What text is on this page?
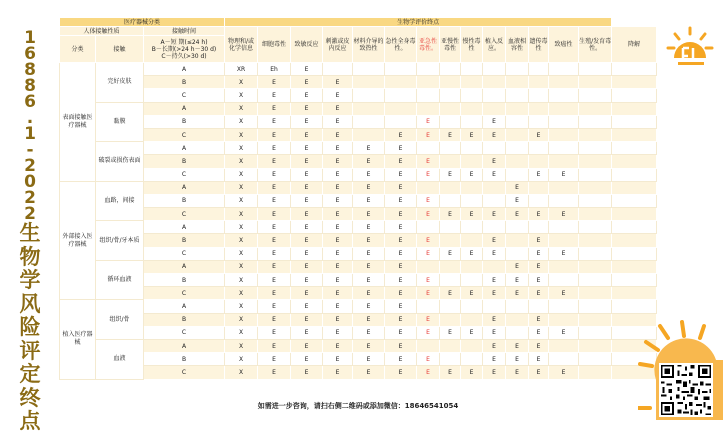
1
6
8
8
6
.
1
-
2
0
2
2
生
物
学
风
险
评
定
终
点
医疗器械分类			生物学评价终点														
人体接触性质		接触时间	物理和/或化学信息	细胞毒性	致敏反应	刺激或皮内反应	材料介导的致热性	急性全身毒性。	亚急性毒性。	亚慢性毒性	慢性毒性	植入反应。	血液相容性	遗传毒性	致癌性	生殖/发育毒性。	降解
分类	接触	A－短 期(≤24 h)
B－长期(>24 h－30 d)
C－持久(>30 d)															

表面接触医疗器械	完好皮肤	A	XR	Eh	E												
		B	X	E	E	E											
		C	X	E	E	E											
	黏膜	A	X	E	E	E											
		B	X	E	E	E			E			E					
		C	X	E	E	E		E	E	E	E	E		E			
	破裂或损伤表面	A	X	E	E	E	E	E									
		B	X	E	E	E	E	E	E			E					
		C	X	E	E	E	E	E	E	E	E	E		E	E		
外部接入医疗器械	血路，间接	A	X	E	E	E	E	E					E				
		B	X	E	E	E	E	E	E				E				
		C	X	E	E	E	E	E	E	E	E	E	E	E	E		
	组织/骨/牙本质	A	X	E	E	E	E	E									
		B	X	E	E	E	E	E	E			E		E			
		C	X	E	E	E	E	E	E	E	E	E		E	E		
	循环血液	A	X	E	E	E	E	E					E	E			
		B	X	E	E	E	E	E	E			E	E	E			
		C	X	E	E	E	E	E	E	E	E	E	E	E	E		
植入医疗器械	组织/骨	A	X	E	E	E	E	E									
		B	X	E	E	E	E	E	E			E		E			
		C	X	E	E	E	E	E	E	E	E	E		E	E		
	血液	A	X	E	E	E	E	E				E	E	E			
		B	X	E	E	E	E	E	E			E	E	E			
		C	X	E	E	E	E	E	E	E	E	E	E	E	E		
如需进一步咨询，请扫右侧二维码或添加微信：18646541054
